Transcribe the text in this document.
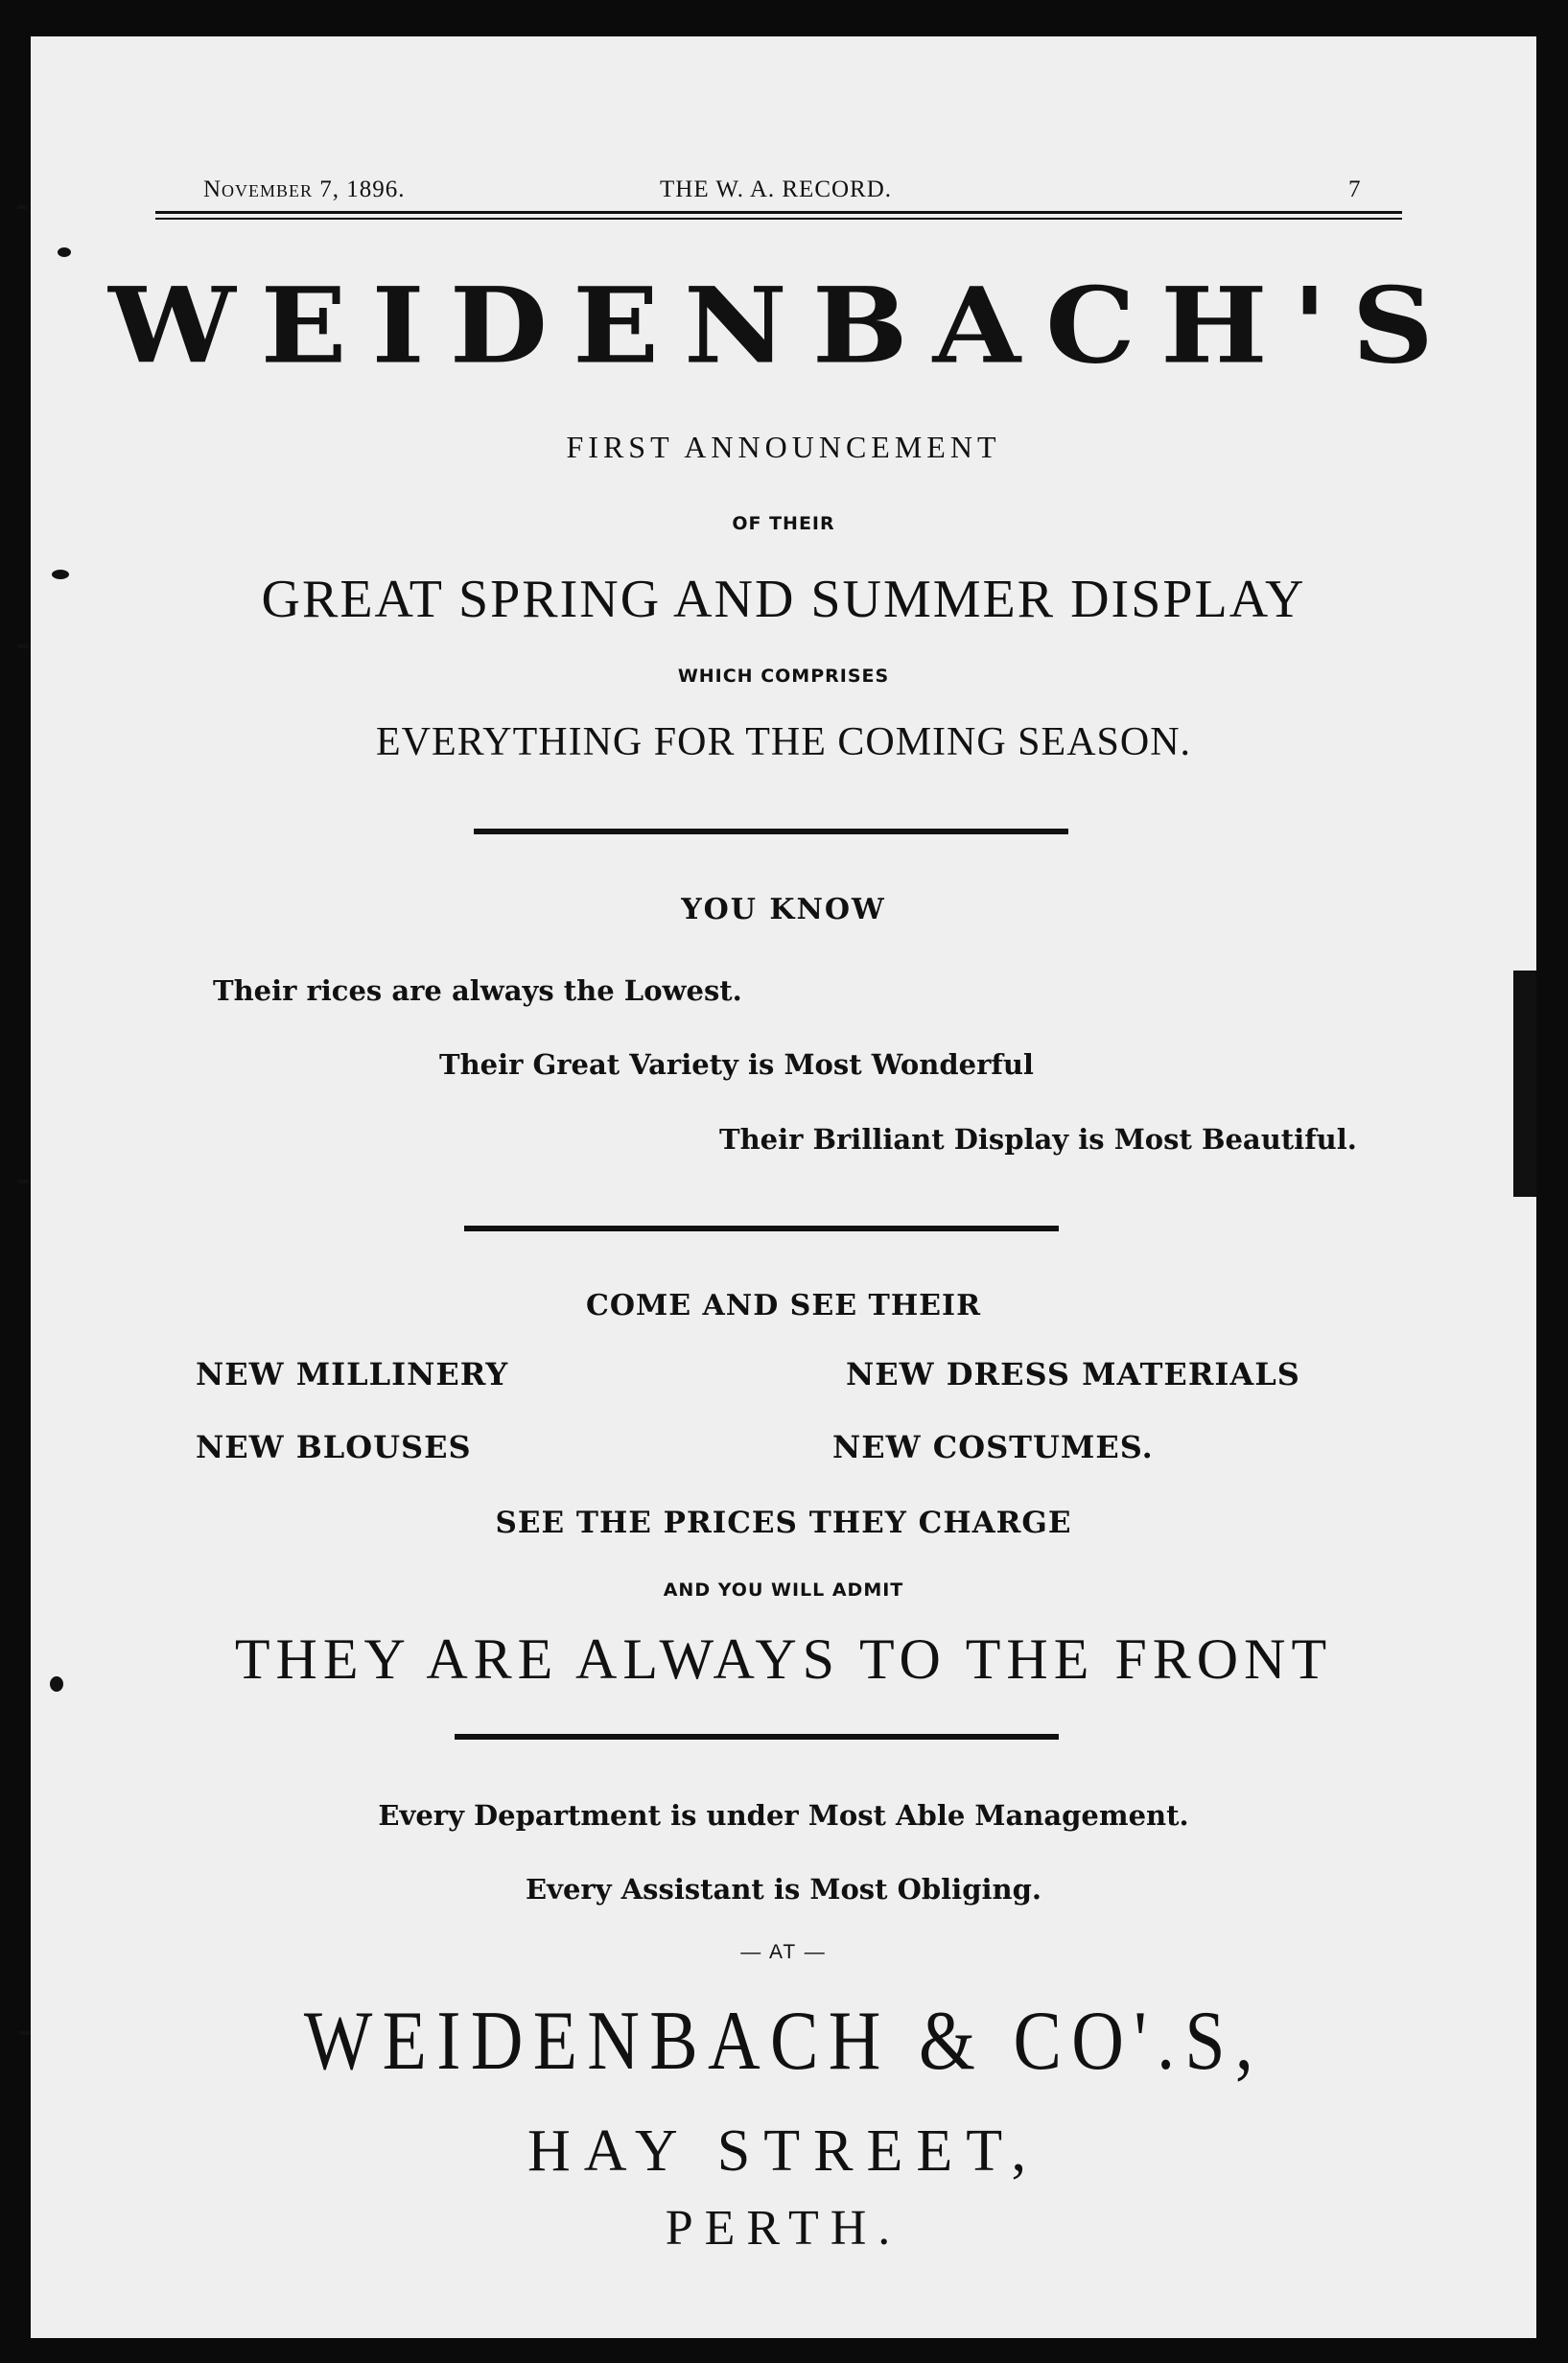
November 7, 1896.	THE W. A. RECORD.	7
WEIDENBACH'S
FIRST ANNOUNCEMENT
OF THEIR
GREAT SPRING AND SUMMER DISPLAY
WHICH COMPRISES
EVERYTHING FOR THE COMING SEASON.
YOU KNOW
Their rices are always the Lowest.
Their Great Variety is Most Wonderful
Their Brilliant Display is Most Beautiful.
COME AND SEE THEIR
NEW MILLINERY	NEW DRESS MATERIALS
NEW BLOUSES	NEW COSTUMES.
SEE THE PRICES THEY CHARGE
AND YOU WILL ADMIT
THEY ARE ALWAYS TO THE FRONT
Every Department is under Most Able Management.
Every Assistant is Most Obliging.
— AT —
WEIDENBACH & CO'.S,
HAY STREET,
PERTH.
